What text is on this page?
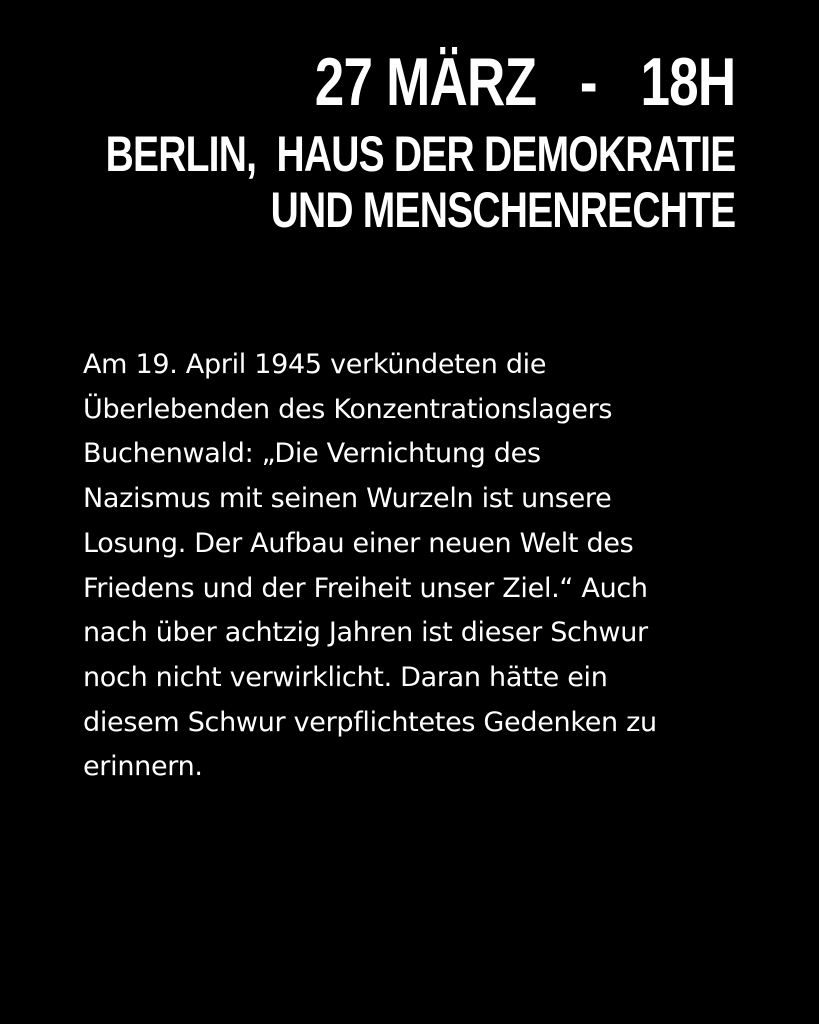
27 MÄRZ - 18H
BERLIN, HAUS DER DEMOKRATIE
UND MENSCHENRECHTE
Am 19. April 1945 verkündeten die
Überlebenden des Konzentrationslagers
Buchenwald: „Die Vernichtung des
Nazismus mit seinen Wurzeln ist unsere
Losung. Der Aufbau einer neuen Welt des
Friedens und der Freiheit unser Ziel.“ Auch
nach über achtzig Jahren ist dieser Schwur
noch nicht verwirklicht. Daran hätte ein
diesem Schwur verpflichtetes Gedenken zu
erinnern.
